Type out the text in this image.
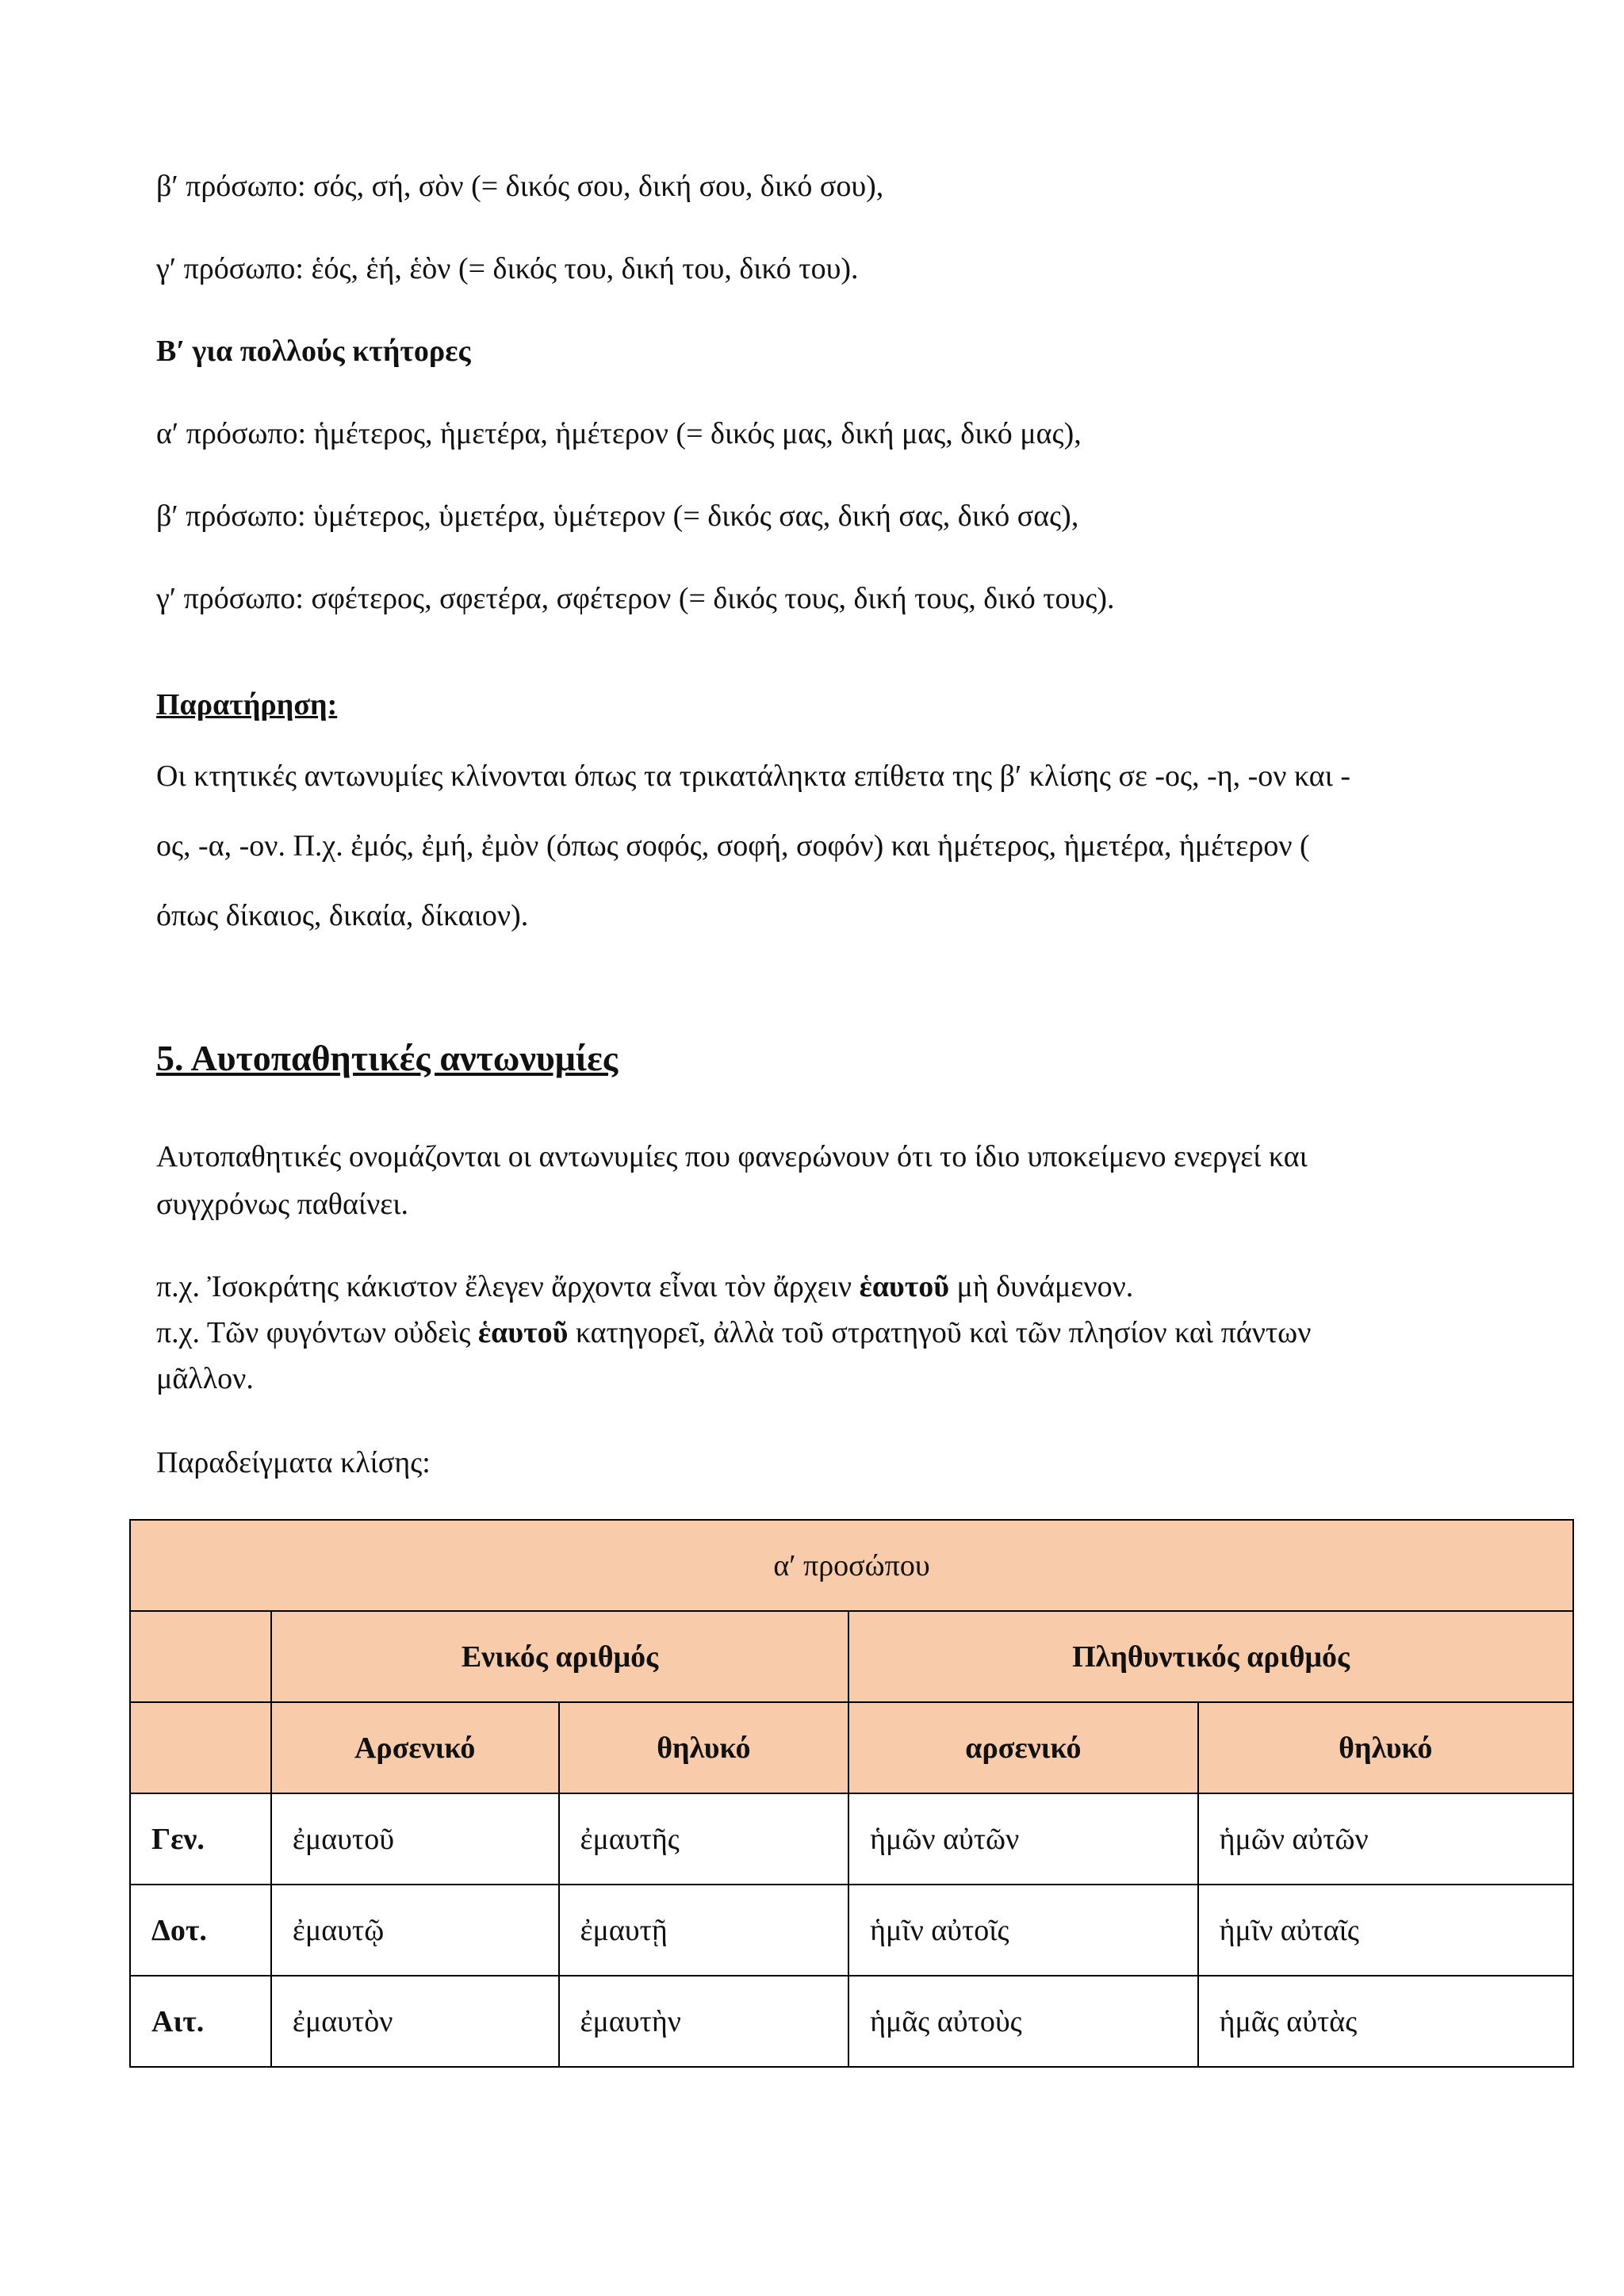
β′ πρόσωπο: σός, σή, σὸν (= δικός σου, δική σου, δικό σου),
γ′ πρόσωπο: ἑός, ἑή, ἑὸν (= δικός του, δική του, δικό του).
Β′ για πολλούς κτήτορες
α′ πρόσωπο: ἡμέτερος, ἡμετέρα, ἡμέτερον (= δικός μας, δική μας, δικό μας),
β′ πρόσωπο: ὑμέτερος, ὑμετέρα, ὑμέτερον (= δικός σας, δική σας, δικό σας),
γ′ πρόσωπο: σφέτερος, σφετέρα, σφέτερον (= δικός τους, δική τους, δικό τους).
Παρατήρηση:
Οι κτητικές αντωνυμίες κλίνονται όπως τα τρικατάληκτα επίθετα της β′ κλίσης σε -ος, -η, -ον και -
ος, -α, -ον. Π.χ. ἐμός, ἐμή, ἐμὸν (όπως σοφός, σοφή, σοφόν) και ἡμέτερος, ἡμετέρα, ἡμέτερον (
όπως δίκαιος, δικαία, δίκαιον).
5. Αυτοπαθητικές αντωνυμίες
Αυτοπαθητικές ονομάζονται οι αντωνυμίες που φανερώνουν ότι το ίδιο υποκείμενο ενεργεί και
συγχρόνως παθαίνει.
π.χ. Ἰσοκράτης κάκιστον ἔλεγεν ἄρχοντα εἶναι τὸν ἄρχειν ἑαυτοῦ μὴ δυνάμενον.
π.χ. Τῶν φυγόντων οὐδεὶς ἑαυτοῦ κατηγορεῖ, ἀλλὰ τοῦ στρατηγοῦ καὶ τῶν πλησίον καὶ πάντων
μᾶλλον.
Παραδείγματα κλίσης:
α′ προσώπου				
	Ενικός αριθμός		Πληθυντικός αριθμός	
	Αρσενικό	θηλυκό	αρσενικό	θηλυκό
Γεν.	ἐμαυτοῦ	ἐμαυτῆς	ἡμῶν αὐτῶν	ἡμῶν αὐτῶν
Δοτ.	ἐμαυτῷ	ἐμαυτῇ	ἡμῖν αὐτοῖς	ἡμῖν αὐταῖς
Αιτ.	ἐμαυτὸν	ἐμαυτὴν	ἡμᾶς αὐτοὺς	ἡμᾶς αὐτὰς
